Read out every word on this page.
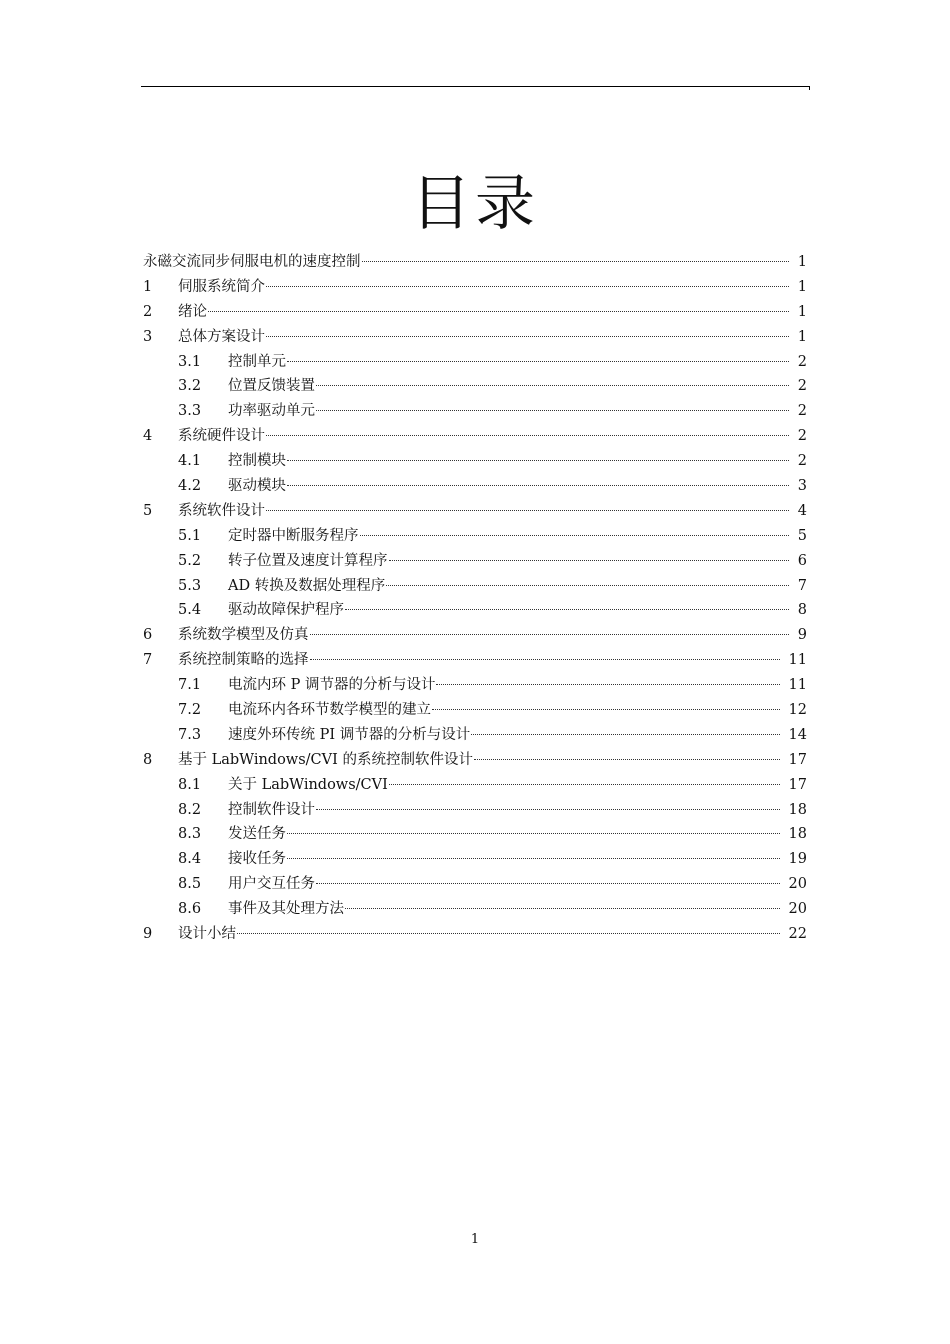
目录
永磁交流同步伺服电机的速度控制	1
1	伺服系统简介	1
2	绪论	1
3	总体方案设计	1
3.1	控制单元	2
3.2	位置反馈装置	2
3.3	功率驱动单元	2
4	系统硬件设计	2
4.1	控制模块	2
4.2	驱动模块	3
5	系统软件设计	4
5.1	定时器中断服务程序	5
5.2	转子位置及速度计算程序	6
5.3	AD 转换及数据处理程序	7
5.4	驱动故障保护程序	8
6	系统数学模型及仿真	9
7	系统控制策略的选择	11
7.1	电流内环 P 调节器的分析与设计	11
7.2	电流环内各环节数学模型的建立	12
7.3	速度外环传统 PI 调节器的分析与设计	14
8	基于 LabWindows/CVI 的系统控制软件设计	17
8.1	关于 LabWindows/CVI	17
8.2	控制软件设计	18
8.3	发送任务	18
8.4	接收任务	19
8.5	用户交互任务	20
8.6	事件及其处理方法	20
9	设计小结	22
1
